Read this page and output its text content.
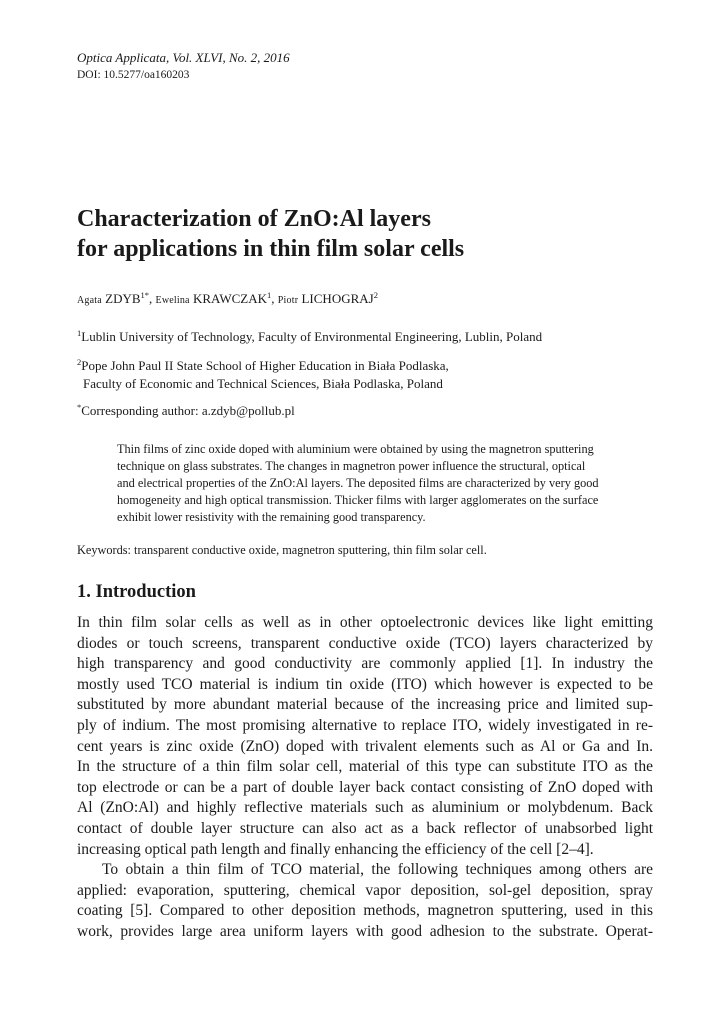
Optica Applicata, Vol. XLVI, No. 2, 2016
DOI: 10.5277/oa160203
Characterization of ZnO:Al layers
for applications in thin film solar cells
Agata $ZDYB^{1*}$, Ewelina KRAWCZAK$^1$, Piotr LICHOGRAJ$^2$
$^1$Lublin University of Technology, Faculty of Environmental Engineering, Lublin, Poland
$^2$Pope John Paul II State School of Higher Education in Biała Podlaska,
Faculty of Economic and Technical Sciences, Biała Podlaska, Poland
*Corresponding author: a.zdyb@pollub.pl
Thin films of zinc oxide doped with aluminium were obtained by using the magnetron sputtering
technique on glass substrates. The changes in magnetron power influence the structural, optical
and electrical properties of the ZnO:Al layers. The deposited films are characterized by very good
homogeneity and high optical transmission. Thicker films with larger agglomerates on the surface
exhibit lower resistivity with the remaining good transparency.
Keywords: transparent conductive oxide, magnetron sputtering, thin film solar cell.
1. Introduction
In thin film solar cells as well as in other optoelectronic devices like light emitting
diodes or touch screens, transparent conductive oxide (TCO) layers characterized by
high transparency and good conductivity are commonly applied [1]. In industry the
mostly used TCO material is indium tin oxide (ITO) which however is expected to be
substituted by more abundant material because of the increasing price and limited sup-
ply of indium. The most promising alternative to replace ITO, widely investigated in re-
cent years is zinc oxide (ZnO) doped with trivalent elements such as Al or Ga and In.
In the structure of a thin film solar cell, material of this type can substitute ITO as the
top electrode or can be a part of double layer back contact consisting of ZnO doped with
Al (ZnO:Al) and highly reflective materials such as aluminium or molybdenum. Back
contact of double layer structure can also act as a back reflector of unabsorbed light
increasing optical path length and finally enhancing the efficiency of the cell [2–4].
To obtain a thin film of TCO material, the following techniques among others are
applied: evaporation, sputtering, chemical vapor deposition, sol-gel deposition, spray
coating [5]. Compared to other deposition methods, magnetron sputtering, used in this
work, provides large area uniform layers with good adhesion to the substrate. Operat-
